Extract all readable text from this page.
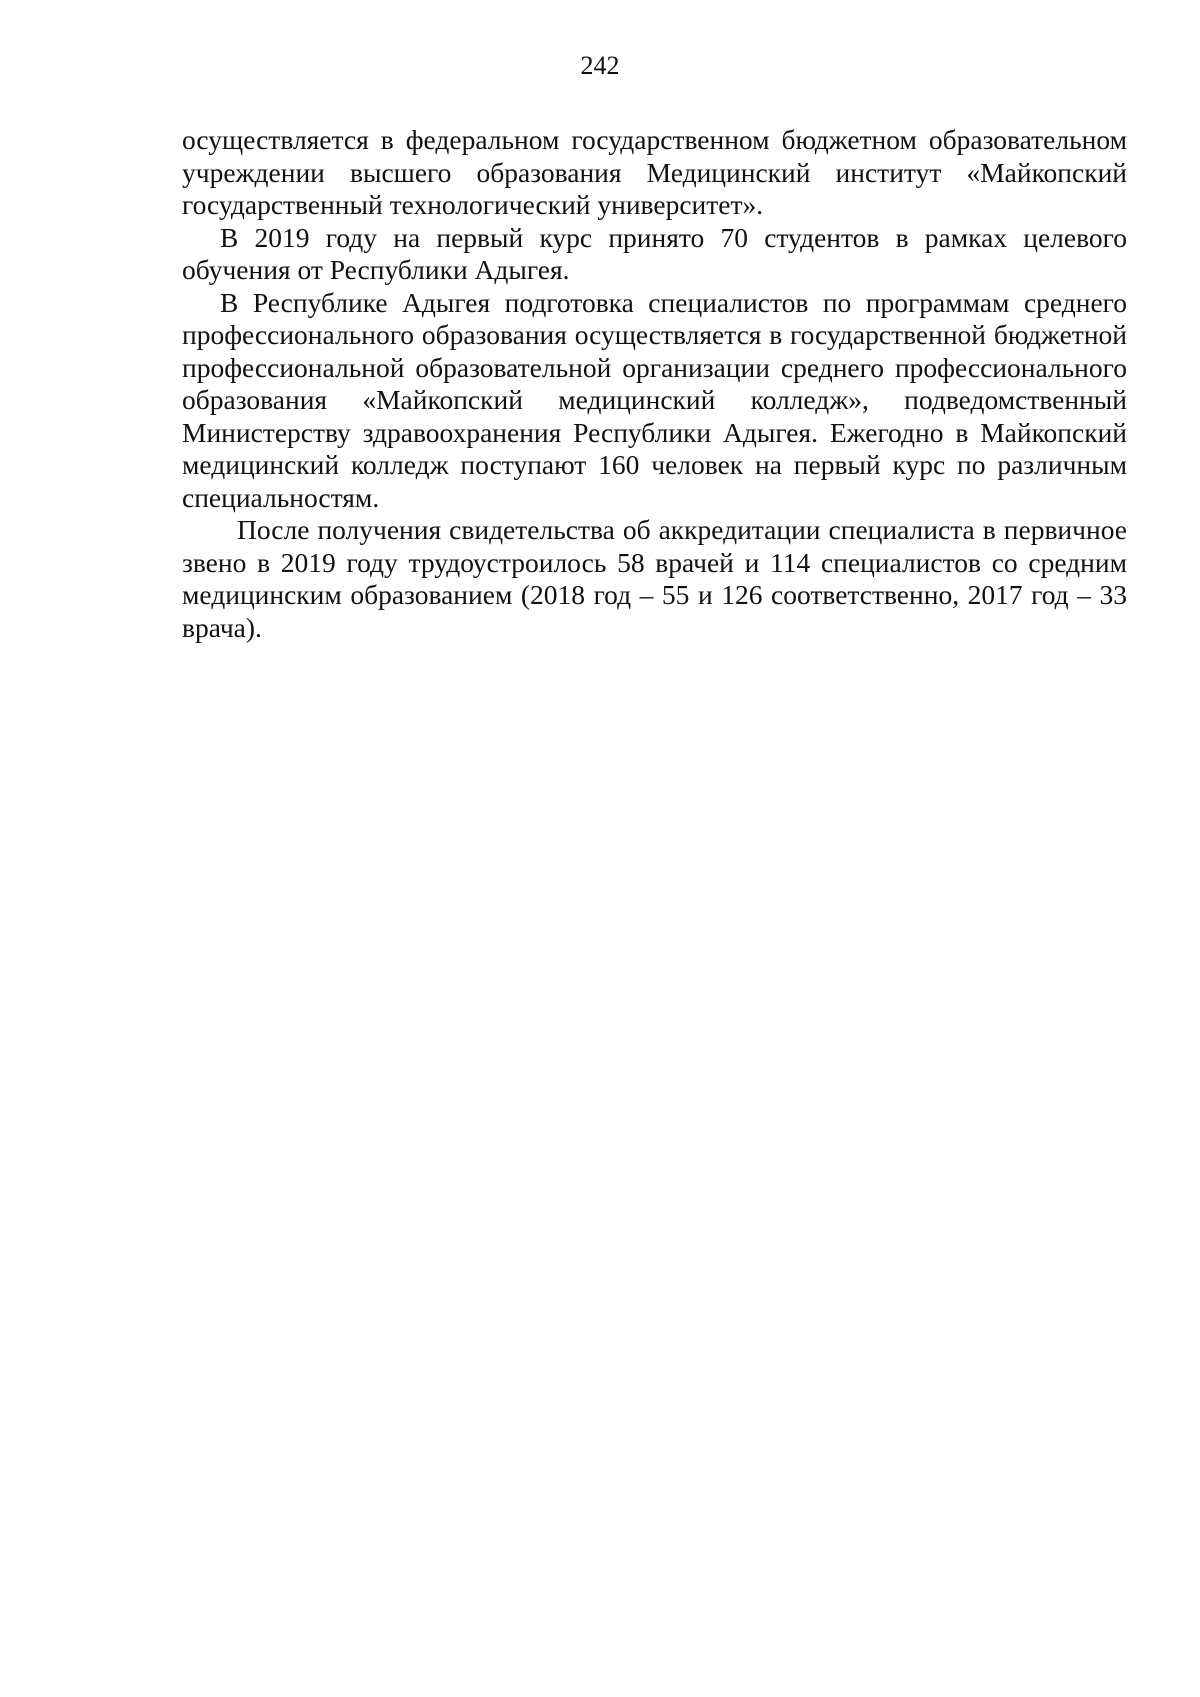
242

осуществляется в федеральном государственном бюджетном образовательном учреждении высшего образования Медицинский институт «Майкопский государственный технологический университет».

В 2019 году на первый курс принято 70 студентов в рамках целевого обучения от Республики Адыгея.

В Республике Адыгея подготовка специалистов по программам среднего профессионального образования осуществляется в государственной бюджетной профессиональной образовательной организации среднего профессионального образования «Майкопский медицинский колледж», подведомственный Министерству здравоохранения Республики Адыгея. Ежегодно в Майкопский медицинский колледж поступают 160 человек на первый курс по различным специальностям.

После получения свидетельства об аккредитации специалиста в первичное звено в 2019 году трудоустроилось 58 врачей и 114 специалистов со средним медицинским образованием (2018 год – 55 и 126 соответственно, 2017 год – 33 врача).
